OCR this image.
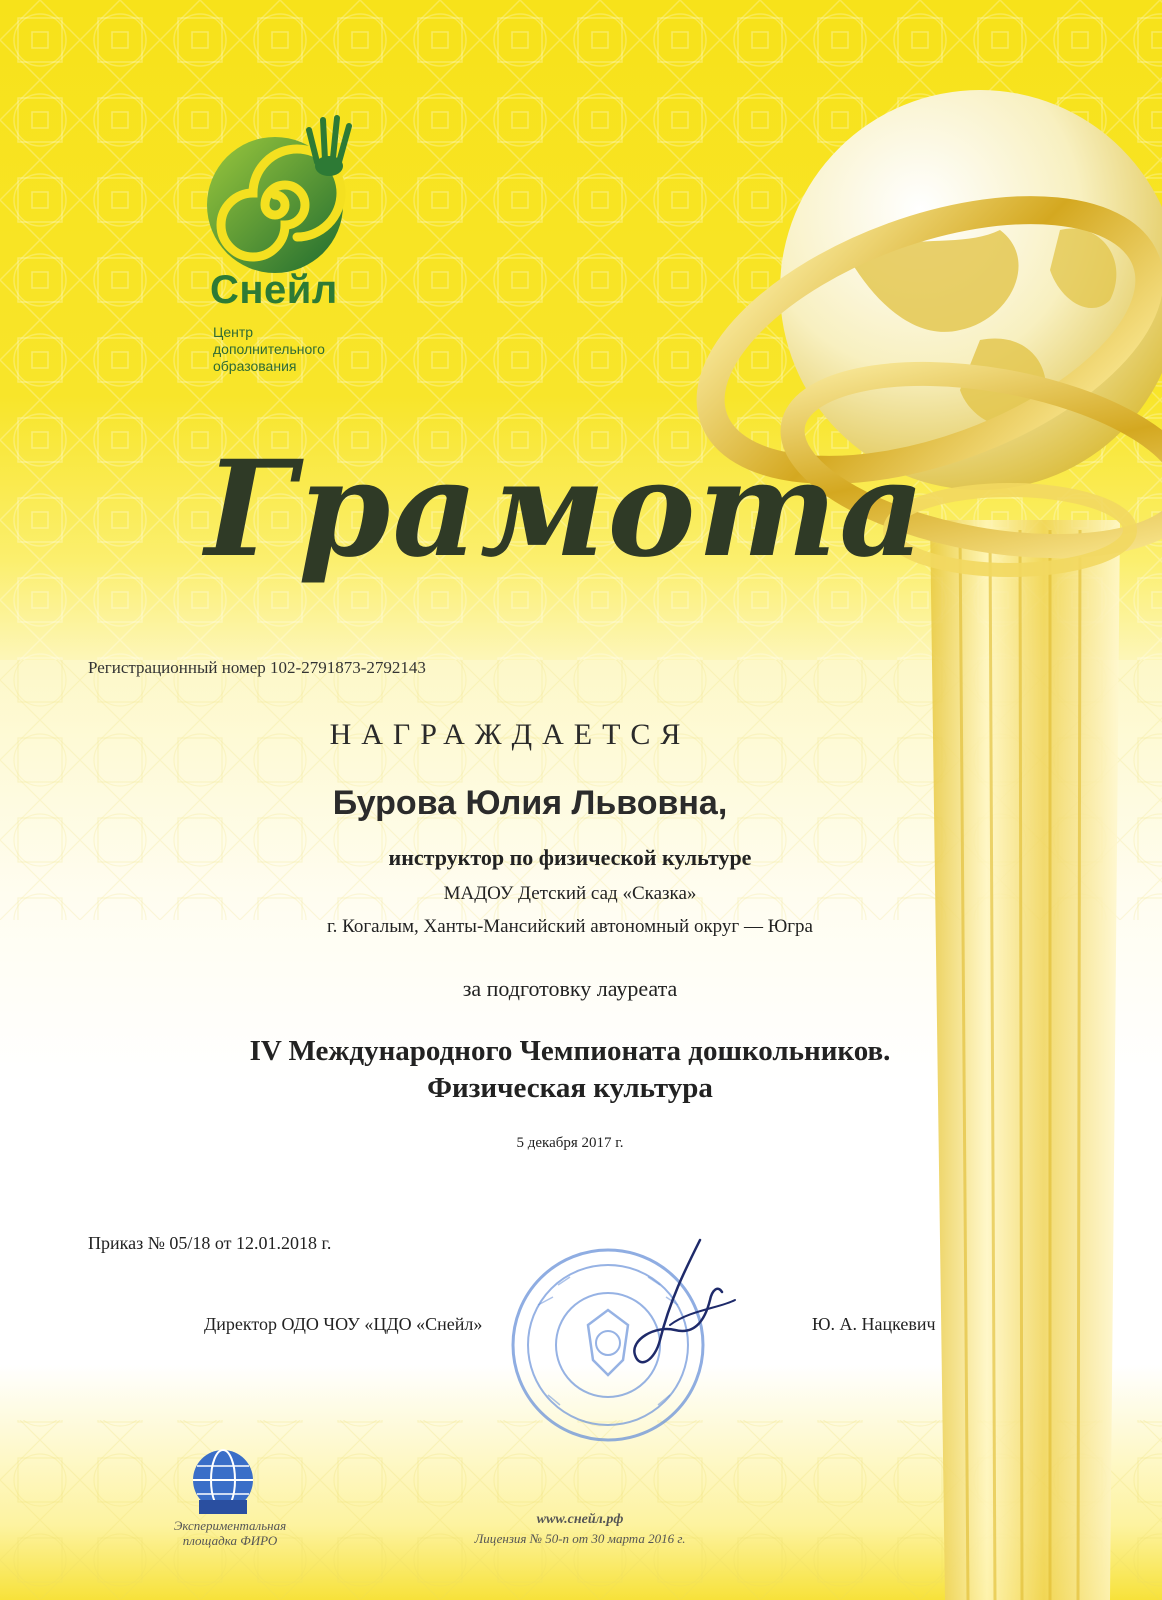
Снейл
Центр
дополнительного
образования
Грамота
Регистрационный номер 102-2791873-2792143
НАГРАЖДАЕТСЯ
Бурова Юлия Львовна,
инструктор по физической культуре
МАДОУ Детский сад «Сказка»
г. Когалым, Ханты-Мансийский автономный округ — Югра
за подготовку лауреата
IV Международного Чемпионата дошкольников.
Физическая культура
5 декабря 2017 г.
Приказ № 05/18 от 12.01.2018 г.
Директор ОДО ЧОУ «ЦДО «Снейл»	Ю. А. Нацкевич
Экспериментальная
площадка ФИРО
www.снейл.рф
Лицензия № 50-п от 30 марта 2016 г.
